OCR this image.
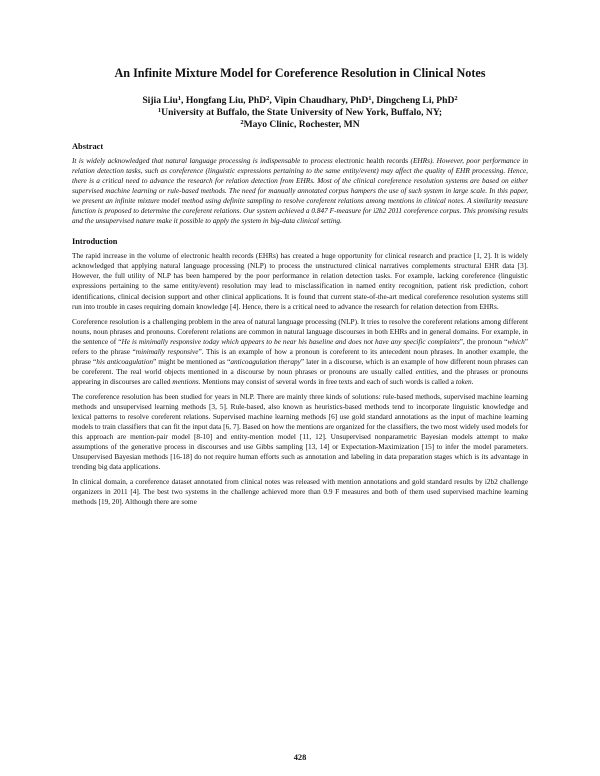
An Infinite Mixture Model for Coreference Resolution in Clinical Notes

Sijia Liu$^1$, Hongfang Liu, PhD$^2$, Vipin Chaudhary, PhD$^1$, Dingcheng Li, PhD$^2$

$^1$University at Buffalo, the State University of New York, Buffalo, NY;

$^2$Mayo Clinic, Rochester, MN

Abstract

It is widely acknowledged that natural language processing is indispensable to process electronic health records (EHRs). However, poor performance in relation detection tasks, such as coreference (linguistic expressions pertaining to the same entity/event) may affect the quality of EHR processing. Hence, there is a critical need to advance the research for relation detection from EHRs. Most of the clinical coreference resolution systems are based on either supervised machine learning or rule-based methods. The need for manually annotated corpus hampers the use of such system in large scale. In this paper, we present an infinite mixture model method using definite sampling to resolve coreferent relations among mentions in clinical notes. A similarity measure function is proposed to determine the coreferent relations. Our system achieved a 0.847 F-measure for i2b2 2011 coreference corpus. This promising results and the unsupervised nature make it possible to apply the system in big-data clinical setting.

Introduction

The rapid increase in the volume of electronic health records (EHRs) has created a huge opportunity for clinical research and practice [1, 2]. It is widely acknowledged that applying natural language processing (NLP) to process the unstructured clinical narratives complements structural EHR data [3]. However, the full utility of NLP has been hampered by the poor performance in relation detection tasks. For example, lacking coreference (linguistic expressions pertaining to the same entity/event) resolution may lead to misclassification in named entity recognition, patient risk prediction, cohort identifications, clinical decision support and other clinical applications. It is found that current state-of-the-art medical coreference resolution systems still run into trouble in cases requiring domain knowledge [4]. Hence, there is a critical need to advance the research for relation detection from EHRs.

Coreference resolution is a challenging problem in the area of natural language processing (NLP). It tries to resolve the coreferent relations among different nouns, noun phrases and pronouns. Coreferent relations are common in natural language discourses in both EHRs and in general domains. For example, in the sentence of “He is minimally responsive today which appears to be near his baseline and does not have any specific complaints”, the pronoun “which” refers to the phrase “minimally responsive”. This is an example of how a pronoun is coreferent to its antecedent noun phrases. In another example, the phrase “his anticoagulation” might be mentioned as “anticoagulation therapy” later in a discourse, which is an example of how different noun phrases can be coreferent. The real world objects mentioned in a discourse by noun phrases or pronouns are usually called entities, and the phrases or pronouns appearing in discourses are called mentions. Mentions may consist of several words in free texts and each of such words is called a token.

The coreference resolution has been studied for years in NLP. There are mainly three kinds of solutions: rule-based methods, supervised machine learning methods and unsupervised learning methods [3, 5]. Rule-based, also known as heuristics-based methods tend to incorporate linguistic knowledge and lexical patterns to resolve coreferent relations. Supervised machine learning methods [6] use gold standard annotations as the input of machine learning models to train classifiers that can fit the input data [6, 7]. Based on how the mentions are organized for the classifiers, the two most widely used models for this approach are mention-pair model [8-10] and entity-mention model [11, 12]. Unsupervised nonparametric Bayesian models attempt to make assumptions of the generative process in discourses and use Gibbs sampling [13, 14] or Expectation-Maximization [15] to infer the model parameters. Unsupervised Bayesian methods [16-18] do not require human efforts such as annotation and labeling in data preparation stages which is its advantage in trending big data applications.

In clinical domain, a coreference dataset annotated from clinical notes was released with mention annotations and gold standard results by i2b2 challenge organizers in 2011 [4]. The best two systems in the challenge achieved more than 0.9 F measures and both of them used supervised machine learning methods [19, 20]. Although there are some

428
